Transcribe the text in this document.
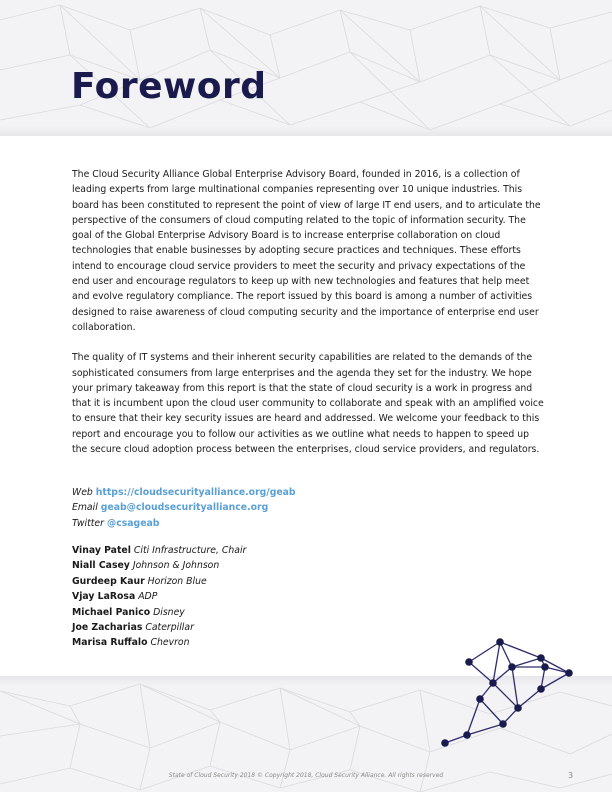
Foreword

The Cloud Security Alliance Global Enterprise Advisory Board, founded in 2016, is a collection of leading experts from large multinational companies representing over 10 unique industries. This board has been constituted to represent the point of view of large IT end users, and to articulate the perspective of the consumers of cloud computing related to the topic of information security. The goal of the Global Enterprise Advisory Board is to increase enterprise collaboration on cloud technologies that enable businesses by adopting secure practices and techniques. These efforts intend to encourage cloud service providers to meet the security and privacy expectations of the end user and encourage regulators to keep up with new technologies and features that help meet and evolve regulatory compliance. The report issued by this board is among a number of activities designed to raise awareness of cloud computing security and the importance of enterprise end user collaboration.

The quality of IT systems and their inherent security capabilities are related to the demands of the sophisticated consumers from large enterprises and the agenda they set for the industry. We hope your primary takeaway from this report is that the state of cloud security is a work in progress and that it is incumbent upon the cloud user community to collaborate and speak with an amplified voice to ensure that their key security issues are heard and addressed. We welcome your feedback to this report and encourage you to follow our activities as we outline what needs to happen to speed up the secure cloud adoption process between the enterprises, cloud service providers, and regulators.

Web https://cloudsecurityalliance.org/geab
Email geab@cloudsecurityalliance.org
Twitter @csageab
Vinay Patel Citi Infrastructure, Chair
Niall Casey Johnson & Johnson
Gurdeep Kaur Horizon Blue
Vjay LaRosa ADP
Michael Panico Disney
Joe Zacharias Caterpillar
Marisa Ruffalo Chevron
State of Cloud Security 2018 © Copyright 2018, Cloud Security Alliance. All rights reserved	3
